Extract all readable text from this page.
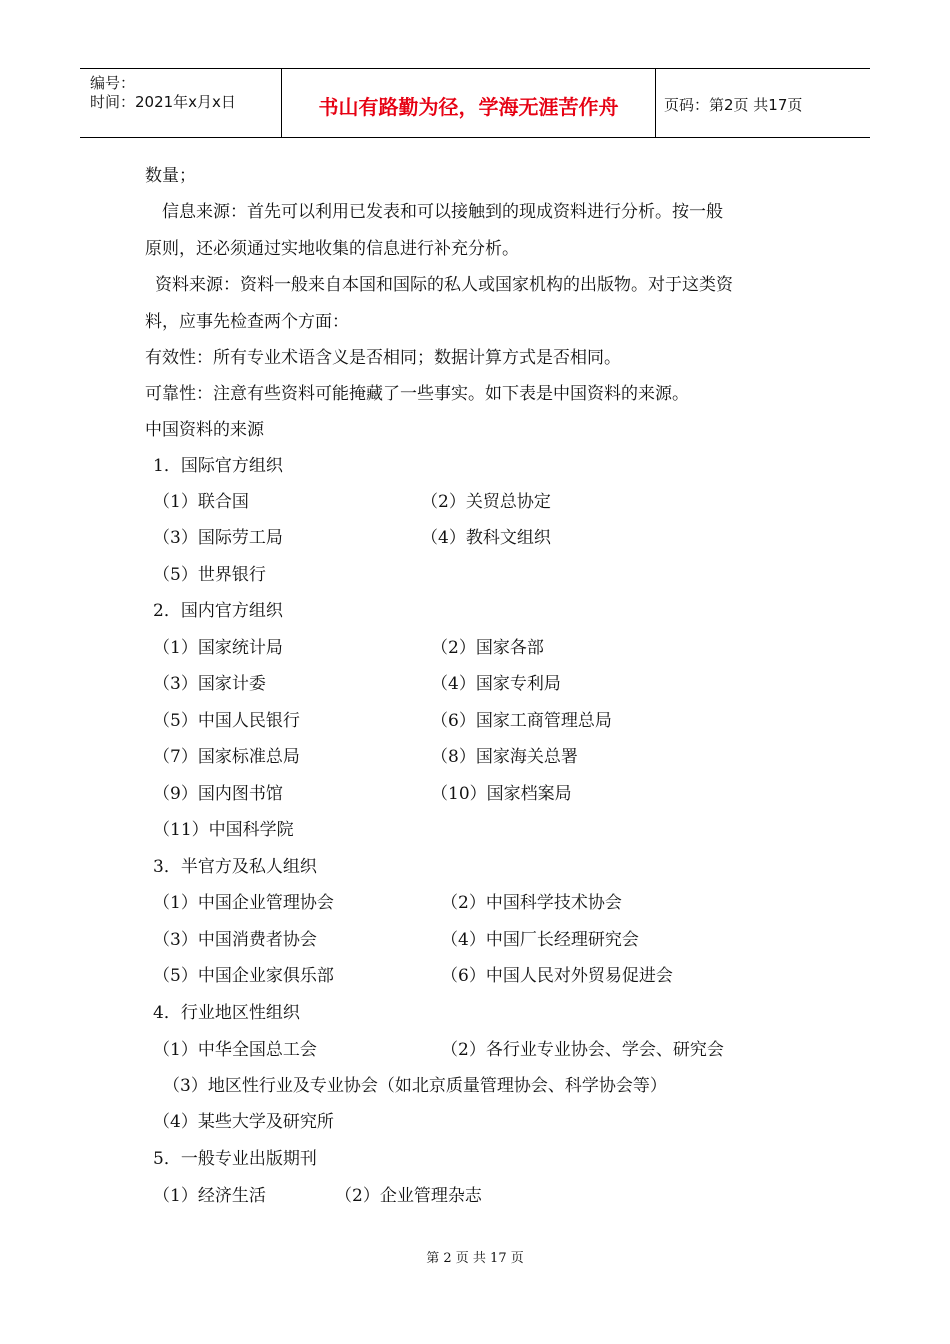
编号：
时间：2021年x月x日	书山有路勤为径，学海无涯苦作舟	页码：第2页 共17页
数量；
信息来源：首先可以利用已发表和可以接触到的现成资料进行分析。按一般
原则，还必须通过实地收集的信息进行补充分析。
资料来源：资料一般来自本国和国际的私人或国家机构的出版物。对于这类资
料，应事先检查两个方面：
有效性：所有专业术语含义是否相同；数据计算方式是否相同。
可靠性：注意有些资料可能掩藏了一些事实。如下表是中国资料的来源。
中国资料的来源
1．国际官方组织
（1）联合国	（2）关贸总协定
（3）国际劳工局	（4）教科文组织
（5）世界银行
2．国内官方组织
（1）国家统计局	（2）国家各部
（3）国家计委	（4）国家专利局
（5）中国人民银行	（6）国家工商管理总局
（7）国家标准总局	（8）国家海关总署
（9）国内图书馆	（10）国家档案局
（11）中国科学院
3．半官方及私人组织
（1）中国企业管理协会	（2）中国科学技术协会
（3）中国消费者协会	（4）中国厂长经理研究会
（5）中国企业家俱乐部	（6）中国人民对外贸易促进会
4．行业地区性组织
（1）中华全国总工会	（2）各行业专业协会、学会、研究会
（3）地区性行业及专业协会（如北京质量管理协会、科学协会等）
（4）某些大学及研究所
5．一般专业出版期刊
（1）经济生活	（2）企业管理杂志
第 2 页 共 17 页
